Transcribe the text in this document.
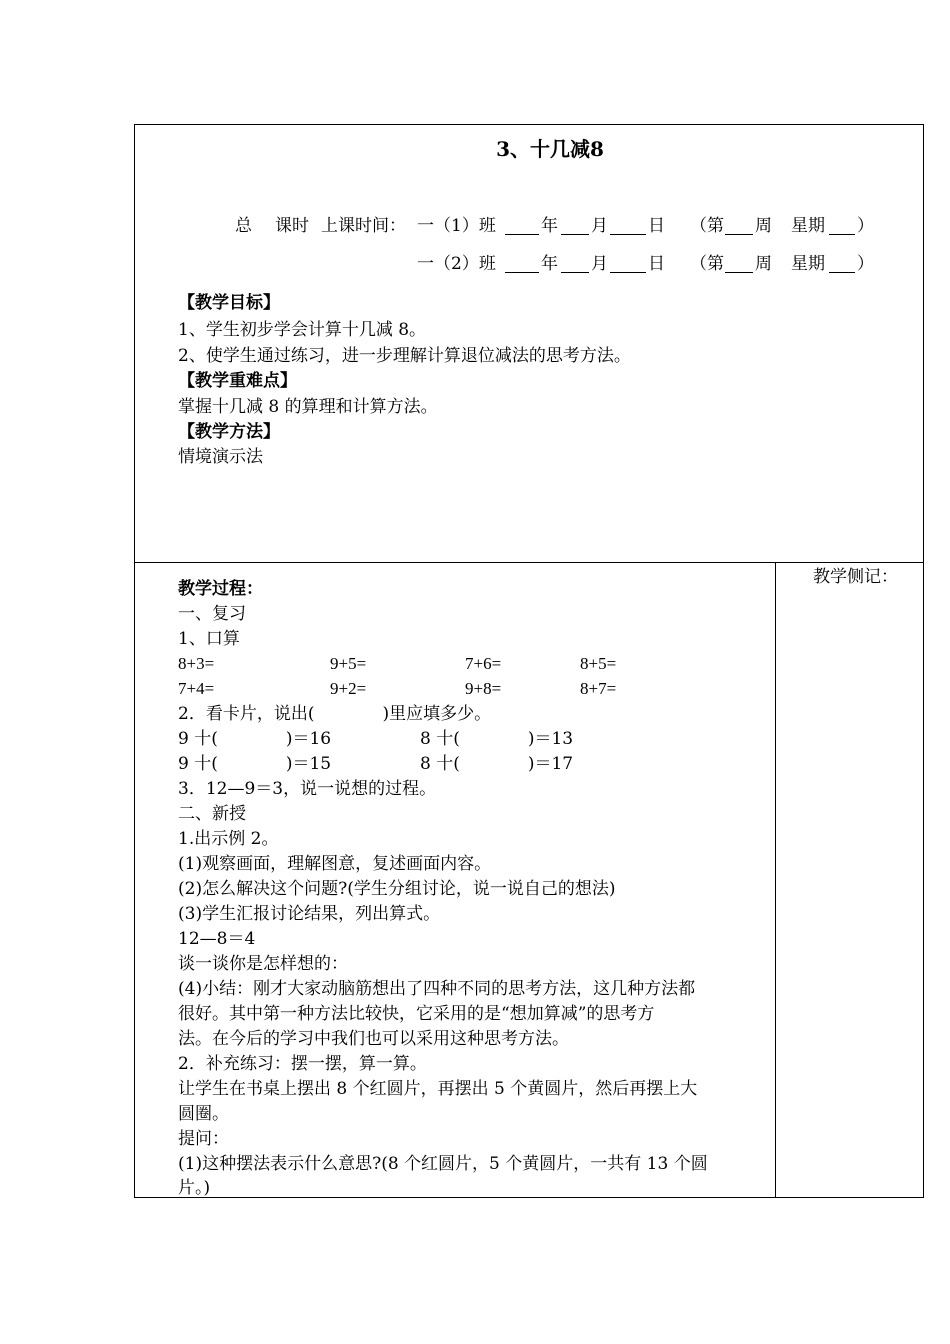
3、十几减8
总 课时 上课时间： 一（1）班	年 月 日 （第 周 星期 ）
一（2）班	年 月 日 （第 周 星期 ）
【教学目标】
1、学生初步学会计算十几减 8。
2、使学生通过练习，进一步理解计算退位减法的思考方法。
【教学重难点】
掌握十几减 8 的算理和计算方法。
【教学方法】
情境演示法
教学侧记：
教学过程：
一、复习
1、口算
8+3=	9+5=	7+6=	8+5=
7+4=	9+2=	9+8=	8+7=
2．看卡片，说出(　　　　)里应填多少。
9 十(　　　　)＝16	8 十(　　　　)＝13
9 十(　　　　)＝15	8 十(　　　　)＝17
3．12—9＝3，说一说想的过程。
二、新授
1.出示例 2。
(1)观察画面，理解图意，复述画面内容。
(2)怎么解决这个问题?(学生分组讨论，说一说自己的想法)
(3)学生汇报讨论结果，列出算式。
12—8＝4
谈一谈你是怎样想的：
(4)小结：刚才大家动脑筋想出了四种不同的思考方法，这几种方法都
很好。其中第一种方法比较快，它采用的是“想加算减”的思考方
法。在今后的学习中我们也可以采用这种思考方法。
2．补充练习：摆一摆，算一算。
让学生在书桌上摆出 8 个红圆片，再摆出 5 个黄圆片，然后再摆上大
圆圈。
提问：
(1)这种摆法表示什么意思?(8 个红圆片，5 个黄圆片，一共有 13 个圆
片。)
